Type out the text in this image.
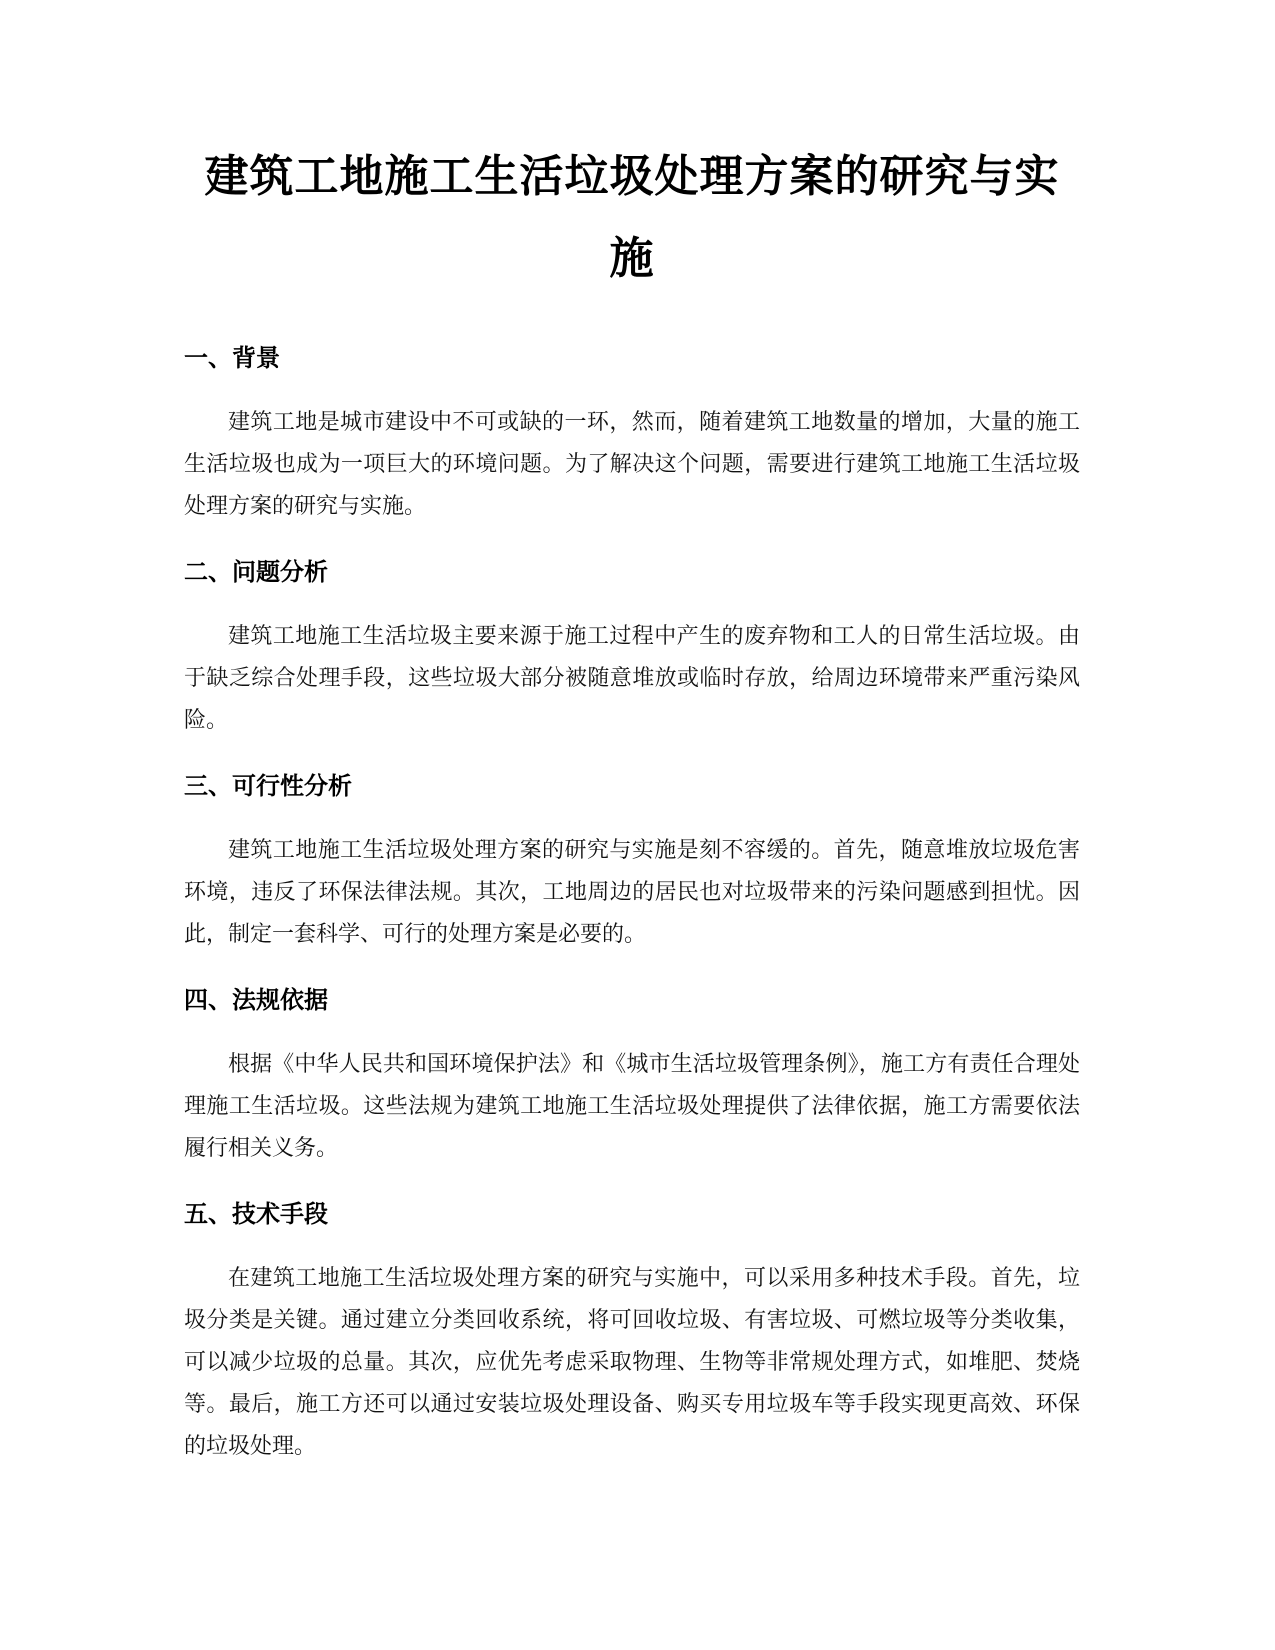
建筑工地施工生活垃圾处理方案的研究与实施
一、背景

建筑工地是城市建设中不可或缺的一环，然而，随着建筑工地数量的增加，大量的施工生活垃圾也成为一项巨大的环境问题。为了解决这个问题，需要进行建筑工地施工生活垃圾处理方案的研究与实施。

二、问题分析

建筑工地施工生活垃圾主要来源于施工过程中产生的废弃物和工人的日常生活垃圾。由于缺乏综合处理手段，这些垃圾大部分被随意堆放或临时存放，给周边环境带来严重污染风险。

三、可行性分析

建筑工地施工生活垃圾处理方案的研究与实施是刻不容缓的。首先，随意堆放垃圾危害环境，违反了环保法律法规。其次，工地周边的居民也对垃圾带来的污染问题感到担忧。因此，制定一套科学、可行的处理方案是必要的。

四、法规依据

根据《中华人民共和国环境保护法》和《城市生活垃圾管理条例》，施工方有责任合理处理施工生活垃圾。这些法规为建筑工地施工生活垃圾处理提供了法律依据，施工方需要依法履行相关义务。

五、技术手段

在建筑工地施工生活垃圾处理方案的研究与实施中，可以采用多种技术手段。首先，垃圾分类是关键。通过建立分类回收系统，将可回收垃圾、有害垃圾、可燃垃圾等分类收集，可以减少垃圾的总量。其次，应优先考虑采取物理、生物等非常规处理方式，如堆肥、焚烧等。最后，施工方还可以通过安装垃圾处理设备、购买专用垃圾车等手段实现更高效、环保的垃圾处理。
